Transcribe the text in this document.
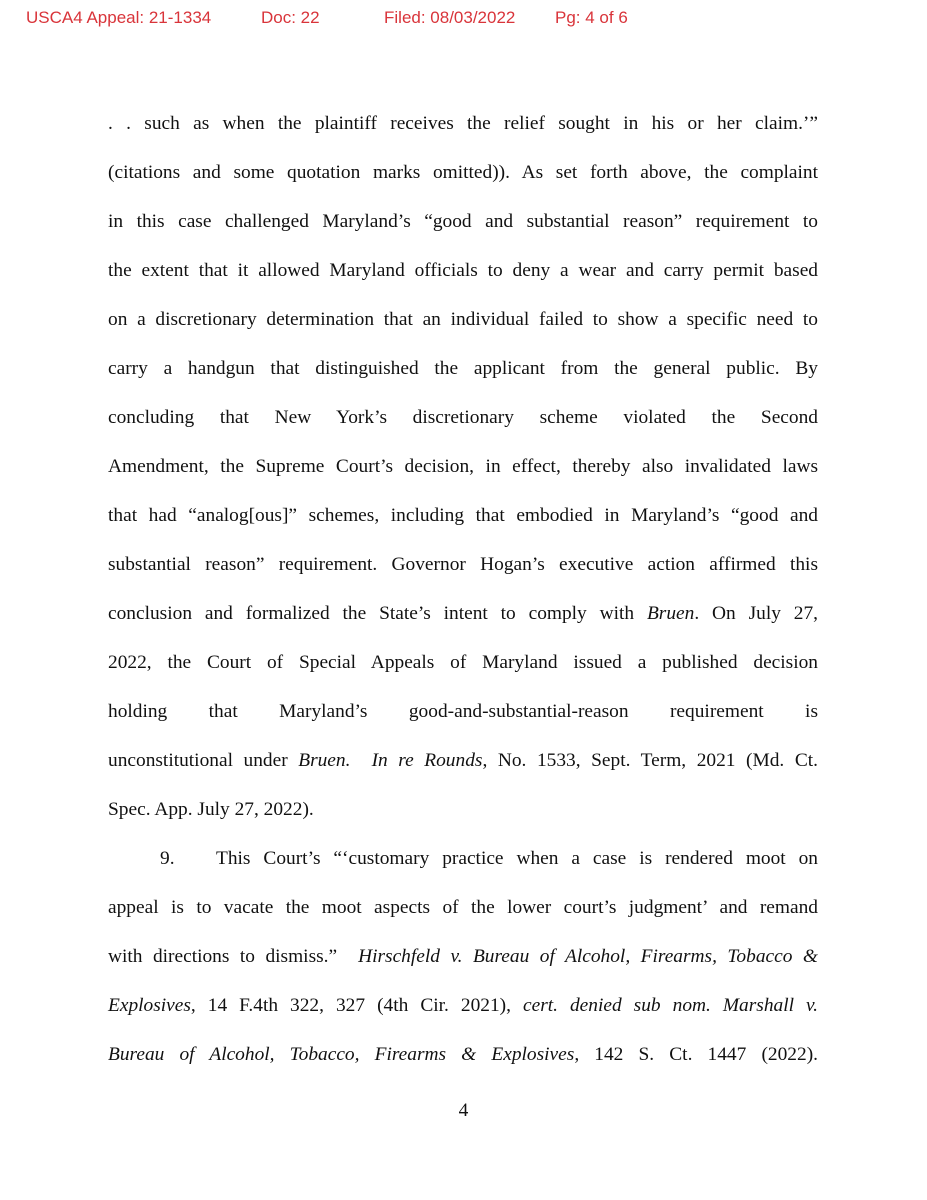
USCA4 Appeal: 21-1334	Doc: 22	Filed: 08/03/2022 Pg: 4 of 6
. . such as when the plaintiff receives the relief sought in his or her claim.’”
(citations and some quotation marks omitted)). As set forth above, the complaint
in this case challenged Maryland’s “good and substantial reason” requirement to
the extent that it allowed Maryland officials to deny a wear and carry permit based
on a discretionary determination that an individual failed to show a specific need to
carry a handgun that distinguished the applicant from the general public. By
concluding that New York’s discretionary scheme violated the Second
Amendment, the Supreme Court’s decision, in effect, thereby also invalidated laws
that had “analog[ous]” schemes, including that embodied in Maryland’s “good and
substantial reason” requirement. Governor Hogan’s executive action affirmed this
conclusion and formalized the State’s intent to comply with Bruen. On July 27,
2022, the Court of Special Appeals of Maryland issued a published decision
holding that Maryland’s good-and-substantial-reason requirement is
unconstitutional under Bruen. In re Rounds, No. 1533, Sept. Term, 2021 (Md. Ct.
Spec. App. July 27, 2022).
9. This Court’s “‘customary practice when a case is rendered moot on
appeal is to vacate the moot aspects of the lower court’s judgment’ and remand
with directions to dismiss.”  Hirschfeld v. Bureau of Alcohol, Firearms, Tobacco &
Explosives, 14 F.4th 322, 327 (4th Cir. 2021), cert. denied sub nom. Marshall v.
Bureau of Alcohol, Tobacco, Firearms & Explosives, 142 S. Ct. 1447 (2022).
4
